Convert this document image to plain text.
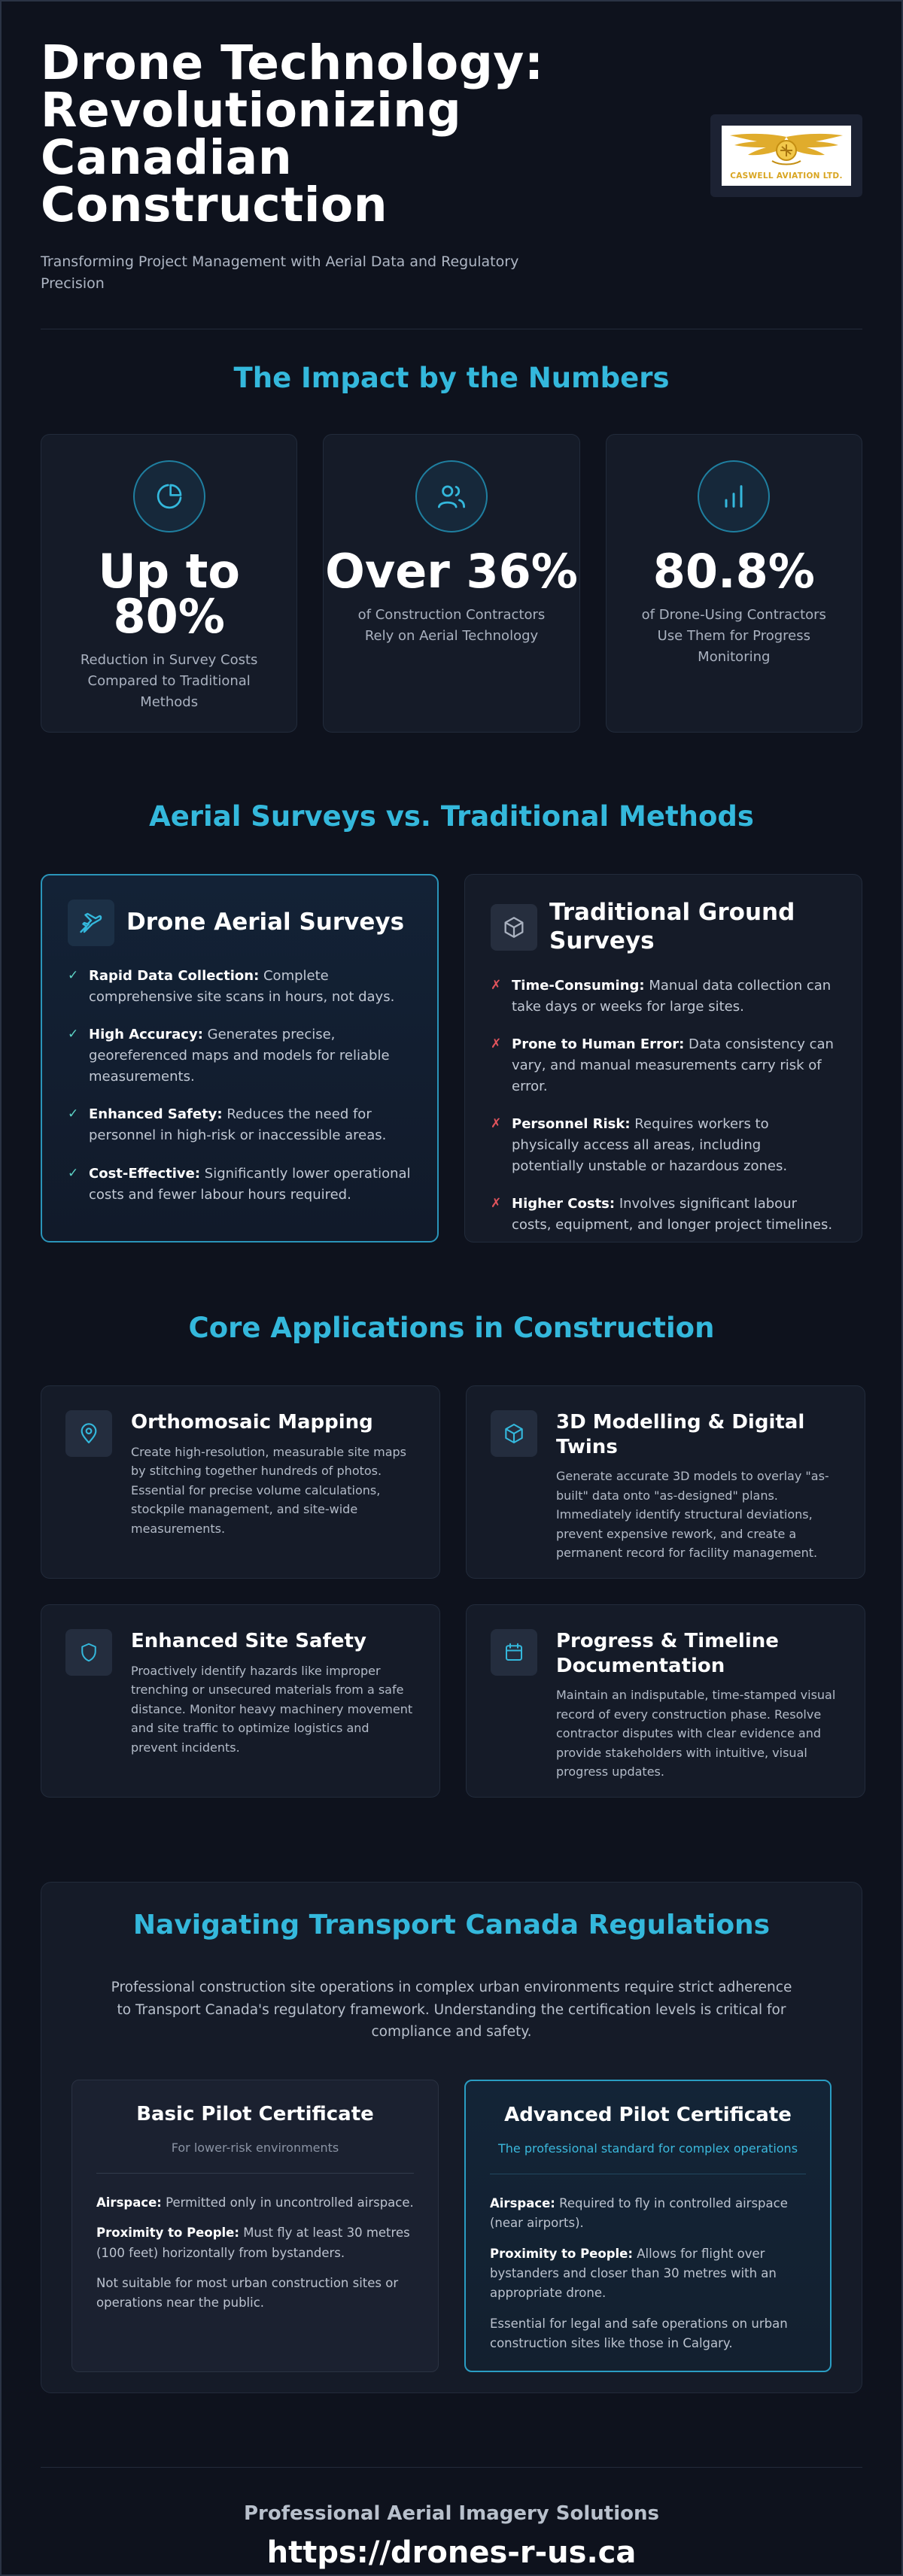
Drone Technology: Revolutionizing Canadian Construction
Transforming Project Management with Aerial Data and Regulatory Precision
CASWELL AVIATION LTD.
The Impact by the Numbers
Up to 80%
Reduction in Survey Costs Compared to Traditional Methods
Over 36%
of Construction Contractors Rely on Aerial Technology
80.8%
of Drone-Using Contractors Use Them for Progress Monitoring
Aerial Surveys vs. Traditional Methods
Drone Aerial Surveys
✓ Rapid Data Collection: Complete comprehensive site scans in hours, not days.
✓ High Accuracy: Generates precise, georeferenced maps and models for reliable measurements.
✓ Enhanced Safety: Reduces the need for personnel in high-risk or inaccessible areas.
✓ Cost-Effective: Significantly lower operational costs and fewer labour hours required.
Traditional Ground Surveys
✗ Time-Consuming: Manual data collection can take days or weeks for large sites.
✗ Prone to Human Error: Data consistency can vary, and manual measurements carry risk of error.
✗ Personnel Risk: Requires workers to physically access all areas, including potentially unstable or hazardous zones.
✗ Higher Costs: Involves significant labour costs, equipment, and longer project timelines.
Core Applications in Construction
Orthomosaic Mapping
Create high-resolution, measurable site maps by stitching together hundreds of photos. Essential for precise volume calculations, stockpile management, and site-wide measurements.
3D Modelling & Digital Twins
Generate accurate 3D models to overlay "as-built" data onto "as-designed" plans. Immediately identify structural deviations, prevent expensive rework, and create a permanent record for facility management.
Enhanced Site Safety
Proactively identify hazards like improper trenching or unsecured materials from a safe distance. Monitor heavy machinery movement and site traffic to optimize logistics and prevent incidents.
Progress & Timeline Documentation
Maintain an indisputable, time-stamped visual record of every construction phase. Resolve contractor disputes with clear evidence and provide stakeholders with intuitive, visual progress updates.
Navigating Transport Canada Regulations
Professional construction site operations in complex urban environments require strict adherence to Transport Canada's regulatory framework. Understanding the certification levels is critical for compliance and safety.
Basic Pilot Certificate
For lower-risk environments

Airspace: Permitted only in uncontrolled airspace.

Proximity to People: Must fly at least 30 metres (100 feet) horizontally from bystanders.

Not suitable for most urban construction sites or operations near the public.

Advanced Pilot Certificate
The professional standard for complex operations

Airspace: Required to fly in controlled airspace (near airports).

Proximity to People: Allows for flight over bystanders and closer than 30 metres with an appropriate drone.

Essential for legal and safe operations on urban construction sites like those in Calgary.

Professional Aerial Imagery Solutions
https://drones-r-us.ca
